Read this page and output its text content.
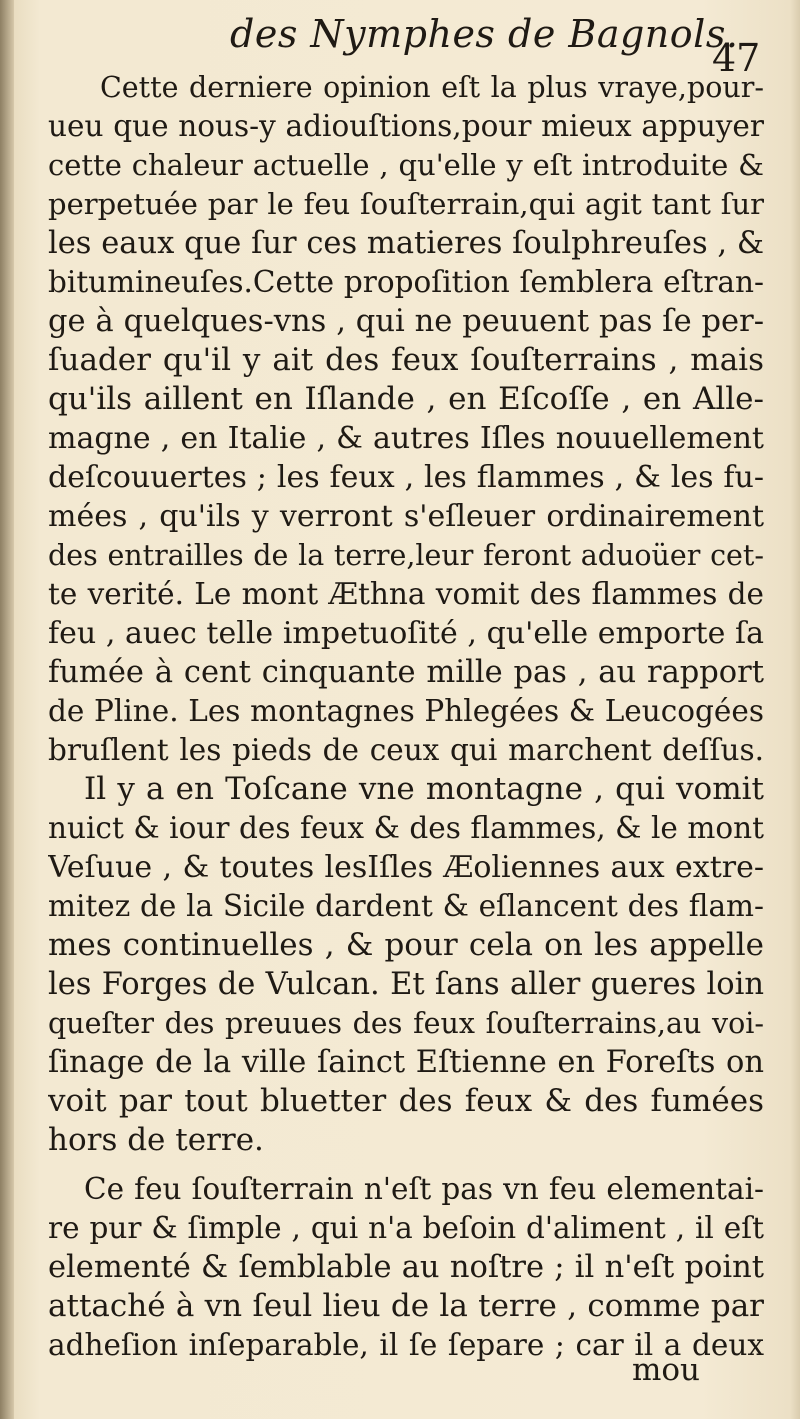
des Nymphes de Bagnols.
47
Cette derniere opinion eſt la plus vraye,pour-
ueu que nous-y adiouſtions,pour mieux appuyer
cette chaleur actuelle , qu'elle y eſt introduite &
perpetuée par le feu ſouſterrain,qui agit tant ſur
les eaux que ſur ces matieres ſoulphreuſes , &
bitumineuſes.Cette propoſition ſemblera eſtran-
ge à quelques-vns , qui ne peuuent pas ſe per-
ſuader qu'il y ait des feux ſouſterrains , mais
qu'ils aillent en Iſlande , en Eſcoſſe , en Alle-
magne , en Italie , & autres Iſles nouuellement
deſcouuertes ; les feux , les flammes , & les fu-
mées , qu'ils y verront s'eſleuer ordinairement
des entrailles de la terre,leur feront aduoüer cet-
te verité. Le mont Æthna vomit des flammes de
feu , auec telle impetuoſité , qu'elle emporte ſa
fumée à cent cinquante mille pas , au rapport
de Pline. Les montagnes Phlegées & Leucogées
bruſlent les pieds de ceux qui marchent deſſus.
Il y a en Toſcane vne montagne , qui vomit
nuict & iour des feux & des flammes, & le mont
Veſuue , & toutes lesIſles Æoliennes aux extre-
mitez de la Sicile dardent & eſlancent des flam-
mes continuelles , & pour cela on les appelle
les Forges de Vulcan. Et ſans aller gueres loin
queſter des preuues des feux ſouſterrains,au voi-
ſinage de la ville ſainct Eſtienne en Foreſts on
voit par tout bluetter des feux & des fumées
hors de terre.
Ce feu ſouſterrain n'eſt pas vn feu elementai-
re pur & ſimple , qui n'a beſoin d'aliment , il eſt
elementé & ſemblable au noſtre ; il n'eſt point
attaché à vn ſeul lieu de la terre , comme par
adheſion inſeparable, il ſe ſepare ; car il a deux
mou
